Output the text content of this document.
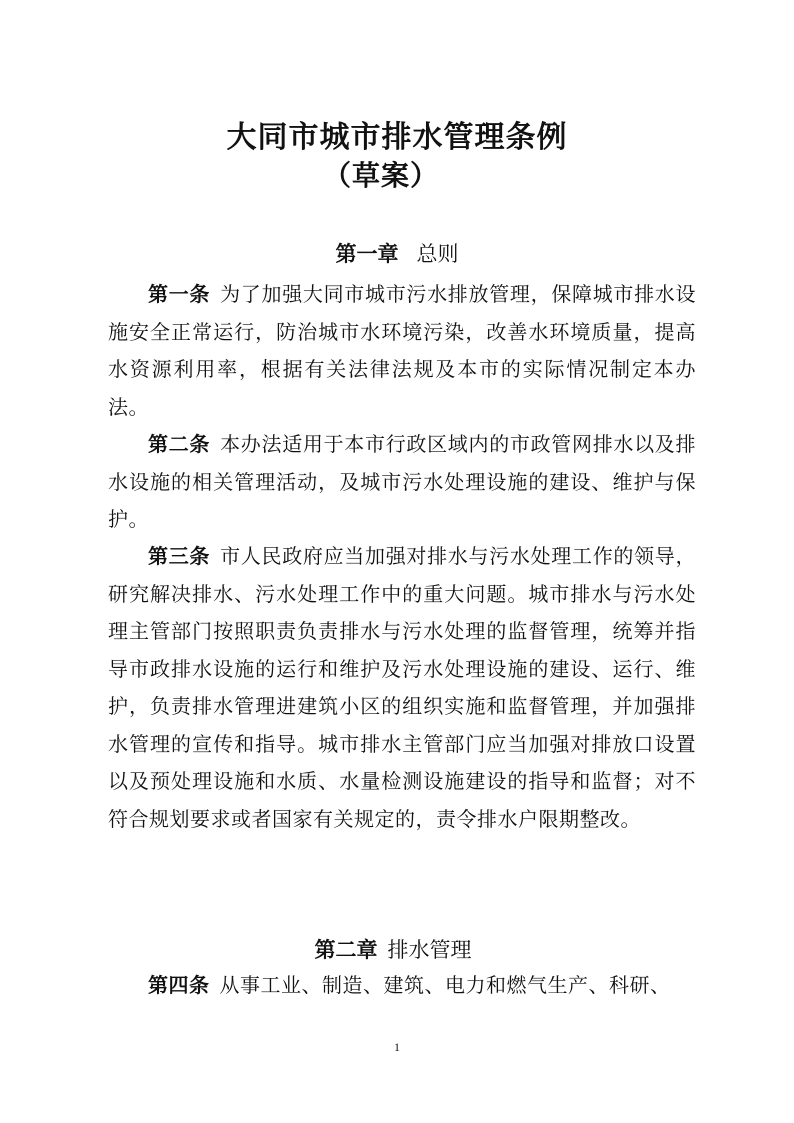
大同市城市排水管理条例
（草案）
第一章 总则

第一条 为了加强大同市城市污水排放管理，保障城市排水设施安全正常运行，防治城市水环境污染，改善水环境质量，提高水资源利用率，根据有关法律法规及本市的实际情况制定本办法。

第二条 本办法适用于本市行政区域内的市政管网排水以及排水设施的相关管理活动，及城市污水处理设施的建设、维护与保护。

第三条 市人民政府应当加强对排水与污水处理工作的领导，研究解决排水、污水处理工作中的重大问题。城市排水与污水处理主管部门按照职责负责排水与污水处理的监督管理，统筹并指导市政排水设施的运行和维护及污水处理设施的建设、运行、维护，负责排水管理进建筑小区的组织实施和监督管理，并加强排水管理的宣传和指导。城市排水主管部门应当加强对排放口设置以及预处理设施和水质、水量检测设施建设的指导和监督；对不符合规划要求或者国家有关规定的，责令排水户限期整改。

第二章 排水管理

第四条 从事工业、制造、建筑、电力和燃气生产、科研、

1
